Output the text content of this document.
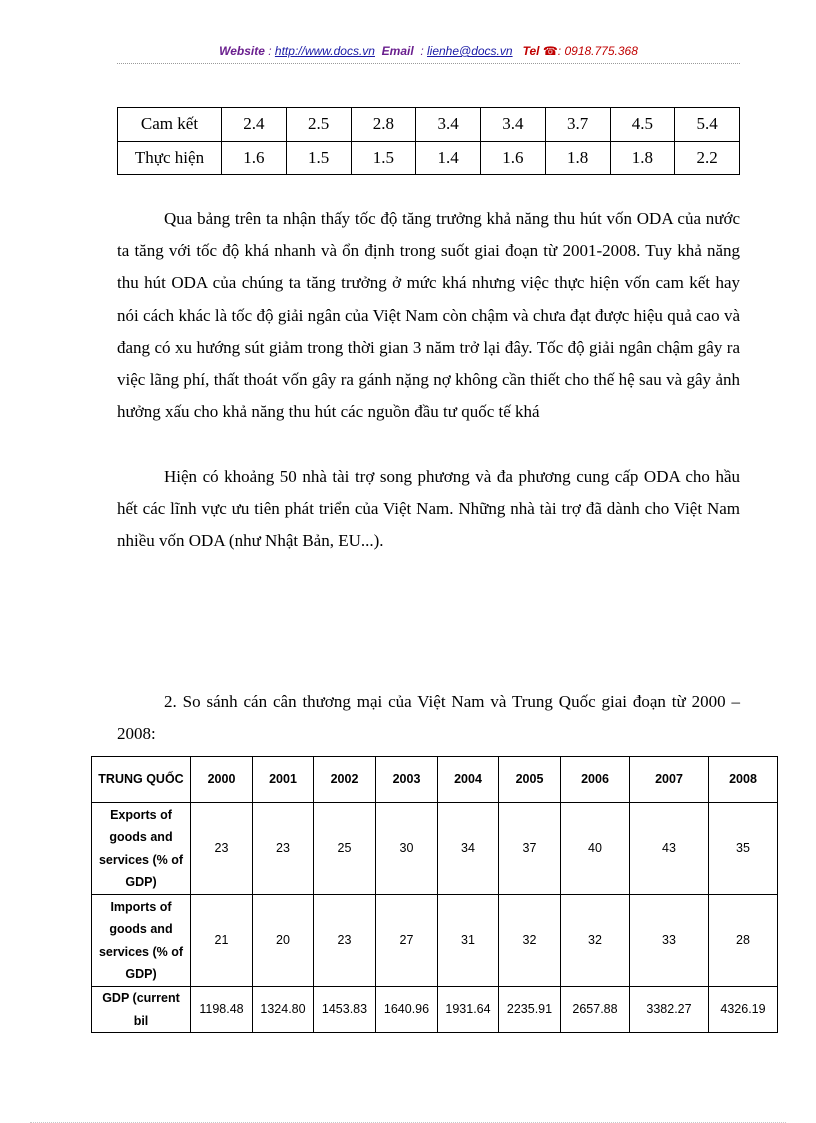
Website : http://www.docs.vn Email  : lienhe@docs.vn Tel ☎: 0918.775.368
Cam kết	2.4	2.5	2.8	3.4	3.4	3.7	4.5	5.4
Thực hiện	1.6	1.5	1.5	1.4	1.6	1.8	1.8	2.2

Qua bảng trên ta nhận thấy tốc độ tăng trưởng khả năng thu hút vốn ODA của nước ta tăng với tốc độ khá nhanh và ổn định trong suốt giai đoạn từ 2001-2008. Tuy khả năng thu hút ODA của chúng ta tăng trưởng ở mức khá nhưng việc thực hiện vốn cam kết hay nói cách khác là tốc độ giải ngân của Việt Nam còn chậm và chưa đạt được hiệu quả cao và đang có xu hướng sút giảm trong thời gian 3 năm trở lại đây. Tốc độ giải ngân chậm gây ra việc lãng phí, thất thoát vốn gây ra gánh nặng nợ không cần thiết cho thế hệ sau và gây ảnh hưởng xấu cho khả năng thu hút các nguồn đầu tư quốc tế khá

Hiện có khoảng 50 nhà tài trợ song phương và đa phương cung cấp ODA cho hầu hết các lĩnh vực ưu tiên phát triển của Việt Nam. Những nhà tài trợ đã dành cho Việt Nam nhiều vốn ODA (như Nhật Bản, EU...).

2. So sánh cán cân thương mại của Việt Nam và Trung Quốc giai đoạn từ 2000 – 2008:

TRUNG QUỐC	2000	2001	2002	2003	2004	2005	2006	2007	2008
Exports of goods and services (% of GDP)	23	23	25	30	34	37	40	43	35
Imports of goods and services (% of GDP)	21	20	23	27	31	32	32	33	28
GDP (current bil	1198.48	1324.80	1453.83	1640.96	1931.64	2235.91	2657.88	3382.27	4326.19
